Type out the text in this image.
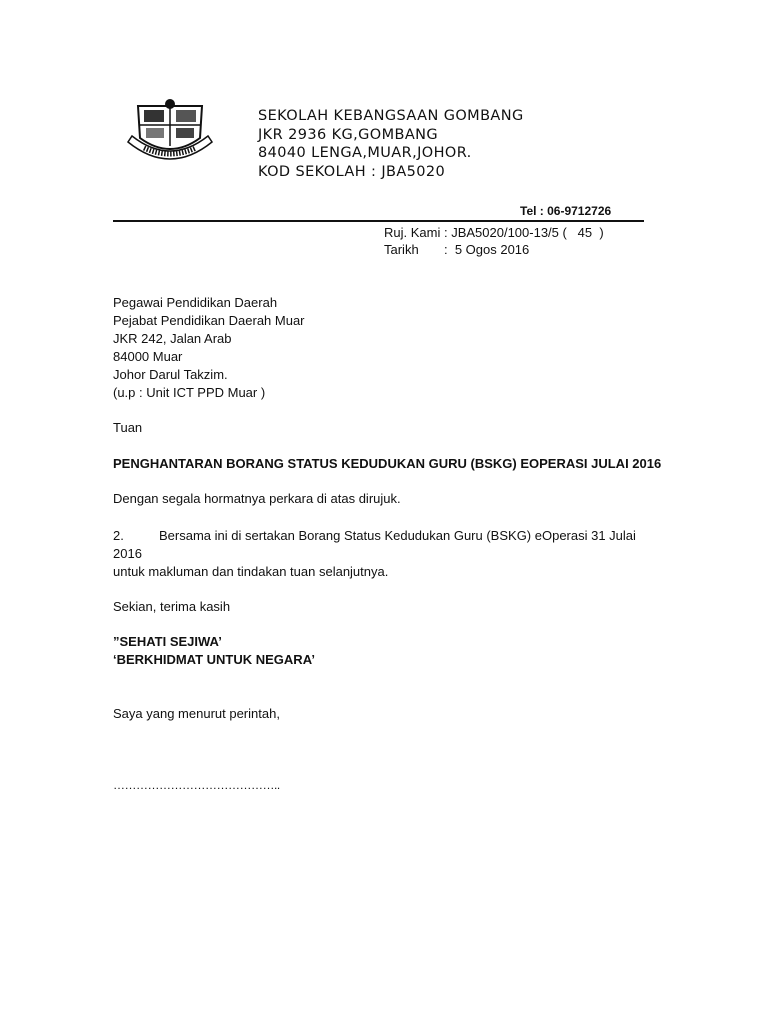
SEKOLAH KEBANGSAAN GOMBANG
JKR 2936 KG,GOMBANG
84040 LENGA,MUAR,JOHOR.
KOD SEKOLAH : JBA5020
Tel : 06-9712726
Ruj. Kami : JBA5020/100-13/5 (   45  )
Tarikh :  5 Ogos 2016
Pegawai Pendidikan Daerah
Pejabat Pendidikan Daerah Muar
JKR 242, Jalan Arab
84000 Muar
Johor Darul Takzim.
(u.p : Unit ICT PPD Muar )
Tuan
PENGHANTARAN BORANG STATUS KEDUDUKAN GURU (BSKG) EOPERASI JULAI 2016
Dengan segala hormatnya perkara di atas dirujuk.
2.	Bersama ini di sertakan Borang Status Kedudukan Guru (BSKG) eOperasi 31 Julai 2016
untuk makluman dan tindakan tuan selanjutnya.
Sekian, terima kasih
”SEHATI SEJIWA’
‘BERKHIDMAT UNTUK NEGARA’
Saya yang menurut perintah,
……………………………………..
